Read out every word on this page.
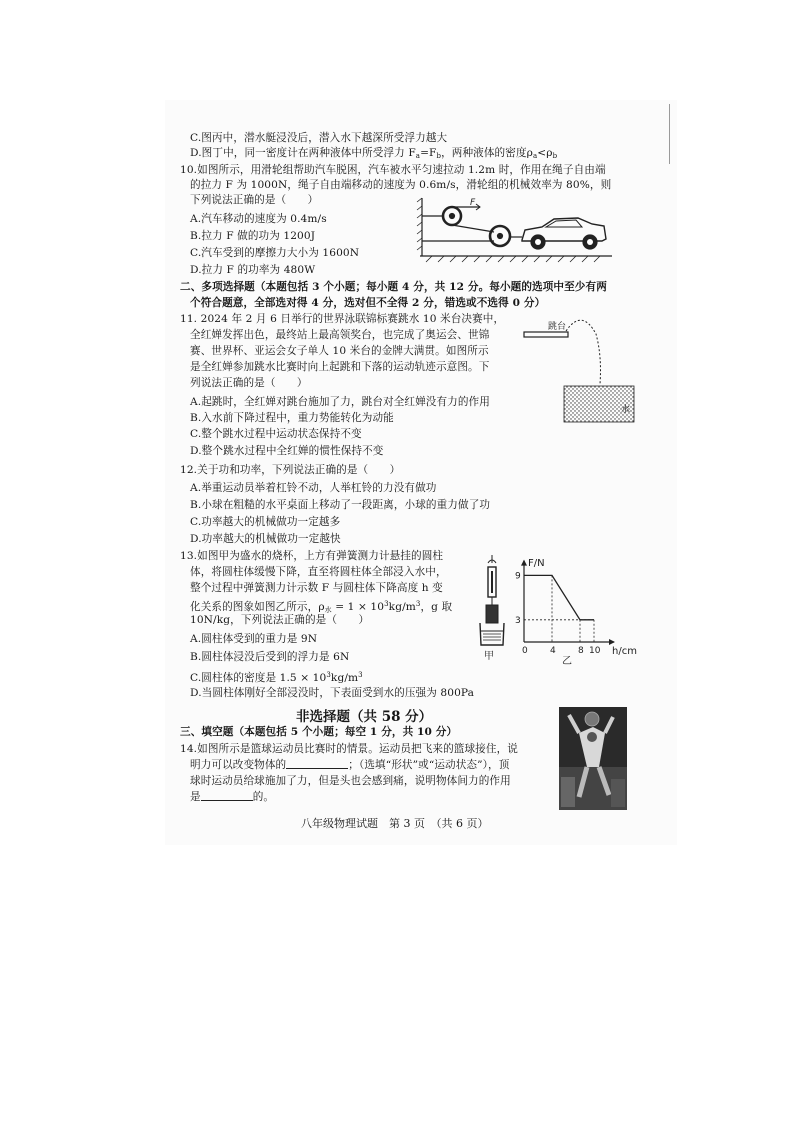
C.图丙中，潜水艇浸没后，潜入水下越深所受浮力越大
D.图丁中，同一密度计在两种液体中所受浮力 $F_a=F_b$，两种液体的密度$\rho_a<\rho_b$
10.如图所示，用滑轮组帮助汽车脱困，汽车被水平匀速拉动 1.2m 时，作用在绳子自由端
的拉力 F 为 1000N，绳子自由端移动的速度为 0.6m/s，滑轮组的机械效率为 80%，则
下列说法正确的是（　　）
A.汽车移动的速度为 0.4m/s
B.拉力 F 做的功为 1200J
C.汽车受到的摩擦力大小为 1600N
D.拉力 F 的功率为 480W
F
二、多项选择题（本题包括 3 个小题；每小题 4 分，共 12 分。每小题的选项中至少有两
个符合题意，全部选对得 4 分，选对但不全得 2 分，错选或不选得 0 分）
11. 2024 年 2 月 6 日举行的世界泳联锦标赛跳水 10 米台决赛中，
全红婵发挥出色，最终站上最高领奖台，也完成了奥运会、世锦
赛、世界杯、亚运会女子单人 10 米台的金牌大满贯。如图所示
是全红婵参加跳水比赛时向上起跳和下落的运动轨迹示意图。下
列说法正确的是（　　）
A.起跳时，全红婵对跳台施加了力，跳台对全红婵没有力的作用
B.入水前下降过程中，重力势能转化为动能
C.整个跳水过程中运动状态保持不变
D.整个跳水过程中全红婵的惯性保持不变
跳台
水
12.关于功和功率，下列说法正确的是（　　）
A.举重运动员举着杠铃不动，人举杠铃的力没有做功
B.小球在粗糙的水平桌面上移动了一段距离，小球的重力做了功
C.功率越大的机械做功一定越多
D.功率越大的机械做功一定越快
13.如图甲为盛水的烧杯，上方有弹簧测力计悬挂的圆柱
体，将圆柱体缓慢下降，直至将圆柱体全部浸入水中，
整个过程中弹簧测力计示数 F 与圆柱体下降高度 h 变
化关系的图象如图乙所示，$\rho_水 = 1 \times 10^3kg/m^3$，g 取
10N/kg，下列说法正确的是（　　）
A.圆柱体受到的重力是 9N
B.圆柱体浸没后受到的浮力是 6N
C.圆柱体的密度是 $1.5 \times 10^3kg/m^3$
D.当圆柱体刚好全部浸没时，下表面受到水的压强为 800Pa
甲	0 4 8 10
3
9
F/N
h/cm
乙
非选择题（共 58 分）
三、填空题（本题包括 5 个小题；每空 1 分，共 10 分）
14.如图所示是篮球运动员比赛时的情景。运动员把飞来的篮球接住，说
明力可以改变物体的	；（选填“形状”或“运动状态”），顶
球时运动员给球施加了力，但是头也会感到痛，说明物体间力的作用
是	的。
八年级物理试题　第 3 页　（共 6 页）
